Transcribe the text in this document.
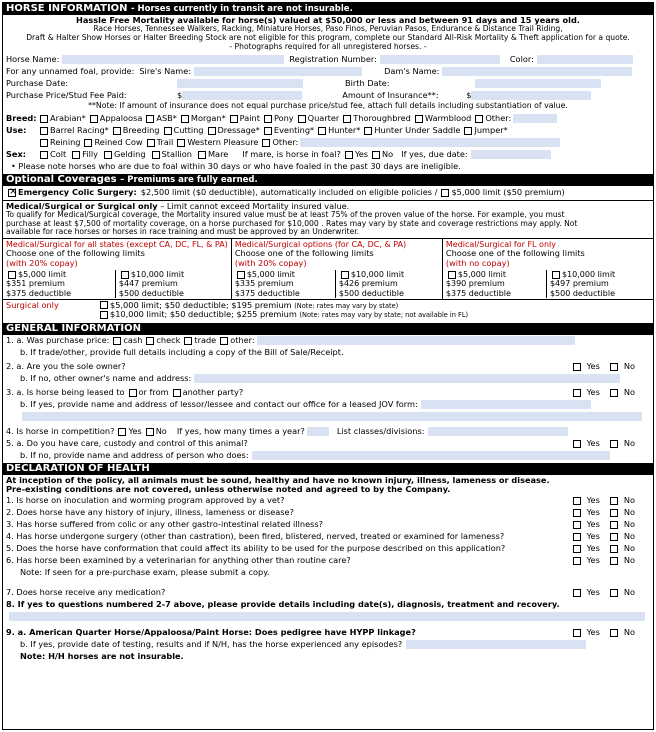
HORSE INFORMATION - Horses currently in transit are not insurable.
Hassle Free Mortality available for horse(s) valued at $50,000 or less and between 91 days and 15 years old.
Race Horses, Tennessee Walkers, Racking, Miniature Horses, Paso Finos, Peruvian Pasos, Endurance & Distance Trail Riding,
Draft & Halter Show Horses or Halter Breeding Stock are not eligible for this program, complete our Standard All-Risk Mortality & Theft application for a quote.
- Photographs required for all unregistered horses. -
Horse Name:	Registration Number:	Color:
For any unnamed foal, provide: Sire's Name:	Dam's Name:
Purchase Date:	Birth Date:
Purchase Price/Stud Fee Paid:	$	Amount of Insurance**:	$
**Note: If amount of insurance does not equal purchase price/stud fee, attach full details including substantiation of value.
Breed: Arabian* Appaloosa ASB* Morgan* Paint Pony Quarter Thoroughbred Warmblood Other:
Use:	Barrel Racing* Breeding Cutting Dressage* Eventing* Hunter* Hunter Under Saddle Jumper*
Reining Reined Cow Trail Western Pleasure Other:
Sex:	Colt Filly Gelding Stallion Mare If mare, is horse in foal? Yes No If yes, due date:
• Please note horses who are due to foal within 30 days or who have foaled in the past 30 days are ineligible.
Optional Coverages – Premiums are fully earned.
×
Emergency Colic Surgery: $2,500 limit ($0 deductible), automatically included on eligible policies / $5,000 limit ($50 premium)
Medical/Surgical or Surgical only – Limit cannot exceed Mortality insured value.
To qualify for Medical/Surgical coverage, the Mortality insured value must be at least 75% of the proven value of the horse. For example, you must
purchase at least $7,500 of mortality coverage, on a horse purchased for $10,000 . Rates may vary by state and coverage restrictions may apply. Not
available for race horses or horses in race training and must be approved by an Underwriter.
Medical/Surgical for all states (except CA, DC, FL, & PA)
Choose one of the following limits
(with 20% copay)
$5,000 limit
$351 premium
$375 deductible
$10,000 limit
$447 premium
$500 deductible
Medical/Surgical options (for CA, DC, & PA)
Choose one of the following limits
(with 20% copay)
$5,000 limit
$335 premium
$375 deductible
$10,000 limit
$426 premium
$500 deductible
Medical/Surgical for FL only
Choose one of the following limits
(with no copay)
$5,000 limit
$390 premium
$375 deductible
$10,000 limit
$497 premium
$500 deductible
Surgical only	$5,000 limit; $50 deductible; $195 premium (Note: rates may vary by state)
$10,000 limit; $50 deductible; $255 premium (Note: rates may vary by state; not available in FL)
GENERAL INFORMATION
1. a. Was purchase price: cash check trade other:
b. If trade/other, provide full details including a copy of the Bill of Sale/Receipt.
2. a. Are you the sole owner?	Yes	No
b. If no, other owner's name and address:
3. a. Is horse being leased to or from another party?	Yes	No
b. If yes, provide name and address of lessor/lessee and contact our office for a leased JOV form:
4. Is horse in competition? Yes No If yes, how many times a year?	List classes/divisions:
5. a. Do you have care, custody and control of this animal?	Yes	No
b. If no, provide name and address of person who does:
DECLARATION OF HEALTH
At inception of the policy, all animals must be sound, healthy and have no known injury, illness, lameness or disease.
Pre-existing conditions are not covered, unless otherwise noted and agreed to by the Company.
1. Is horse on inoculation and worming program approved by a vet?	Yes	No
2. Does horse have any history of injury, illness, lameness or disease?	Yes	No
3. Has horse suffered from colic or any other gastro-intestinal related illness?	Yes	No
4. Has horse undergone surgery (other than castration), been fired, blistered, nerved, treated or examined for lameness?	Yes	No
5. Does the horse have conformation that could affect its ability to be used for the purpose described on this application?	Yes	No
6. Has horse been examined by a veterinarian for anything other than routine care?	Yes	No
Note: If seen for a pre-purchase exam, please submit a copy.
7. Does horse receive any medication?	Yes	No
8. If yes to questions numbered 2-7 above, please provide details including date(s), diagnosis, treatment and recovery.
9. a. American Quarter Horse/Appaloosa/Paint Horse: Does pedigree have HYPP linkage?	Yes	No
b. If yes, provide date of testing, results and if N/H, has the horse experienced any episodes?
Note: H/H horses are not insurable.
